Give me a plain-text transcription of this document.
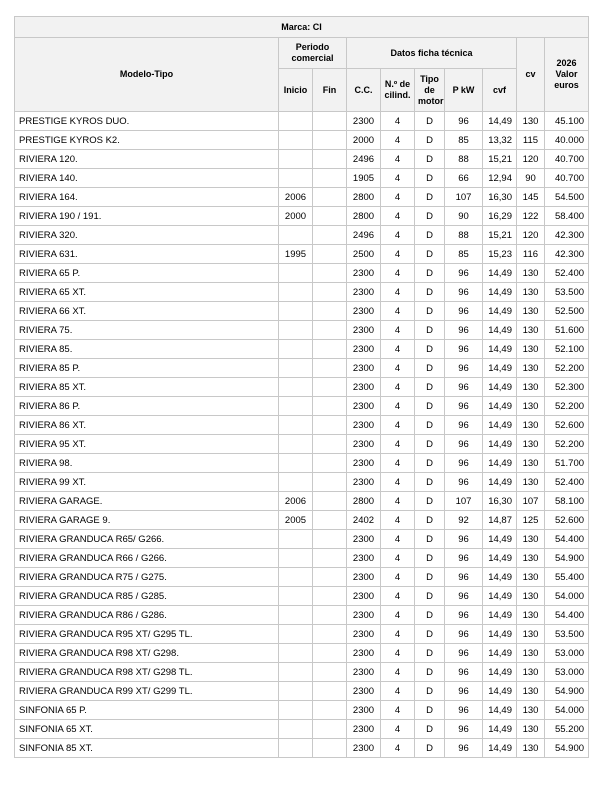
Marca: CI									
Modelo-Tipo	Periodo comercial		Datos ficha técnica					cv	2026 Valor euros
	Inicio	Fin	C.C.	N.º de cilind.	Tipo de motor	P kW	cvf		
PRESTIGE KYROS DUO.			2300	4	D	96	14,49	130	45.100
PRESTIGE KYROS K2.			2000	4	D	85	13,32	115	40.000
RIVIERA 120.			2496	4	D	88	15,21	120	40.700
RIVIERA 140.			1905	4	D	66	12,94	90	40.700
RIVIERA 164.	2006		2800	4	D	107	16,30	145	54.500
RIVIERA 190 / 191.	2000		2800	4	D	90	16,29	122	58.400
RIVIERA 320.			2496	4	D	88	15,21	120	42.300
RIVIERA 631.	1995		2500	4	D	85	15,23	116	42.300
RIVIERA 65 P.			2300	4	D	96	14,49	130	52.400
RIVIERA 65 XT.			2300	4	D	96	14,49	130	53.500
RIVIERA 66 XT.			2300	4	D	96	14,49	130	52.500
RIVIERA 75.			2300	4	D	96	14,49	130	51.600
RIVIERA 85.			2300	4	D	96	14,49	130	52.100
RIVIERA 85 P.			2300	4	D	96	14,49	130	52.200
RIVIERA 85 XT.			2300	4	D	96	14,49	130	52.300
RIVIERA 86 P.			2300	4	D	96	14,49	130	52.200
RIVIERA 86 XT.			2300	4	D	96	14,49	130	52.600
RIVIERA 95 XT.			2300	4	D	96	14,49	130	52.200
RIVIERA 98.			2300	4	D	96	14,49	130	51.700
RIVIERA 99 XT.			2300	4	D	96	14,49	130	52.400
RIVIERA GARAGE.	2006		2800	4	D	107	16,30	107	58.100
RIVIERA GARAGE 9.	2005		2402	4	D	92	14,87	125	52.600
RIVIERA GRANDUCA R65/ G266.			2300	4	D	96	14,49	130	54.400
RIVIERA GRANDUCA R66 / G266.			2300	4	D	96	14,49	130	54.900
RIVIERA GRANDUCA R75 / G275.			2300	4	D	96	14,49	130	55.400
RIVIERA GRANDUCA R85 / G285.			2300	4	D	96	14,49	130	54.000
RIVIERA GRANDUCA R86 / G286.			2300	4	D	96	14,49	130	54.400
RIVIERA GRANDUCA R95 XT/ G295 TL.			2300	4	D	96	14,49	130	53.500
RIVIERA GRANDUCA R98 XT/ G298.			2300	4	D	96	14,49	130	53.000
RIVIERA GRANDUCA R98 XT/ G298 TL.			2300	4	D	96	14,49	130	53.000
RIVIERA GRANDUCA R99 XT/ G299 TL.			2300	4	D	96	14,49	130	54.900
SINFONIA 65 P.			2300	4	D	96	14,49	130	54.000
SINFONIA 65 XT.			2300	4	D	96	14,49	130	55.200
SINFONIA 85 XT.			2300	4	D	96	14,49	130	54.900
